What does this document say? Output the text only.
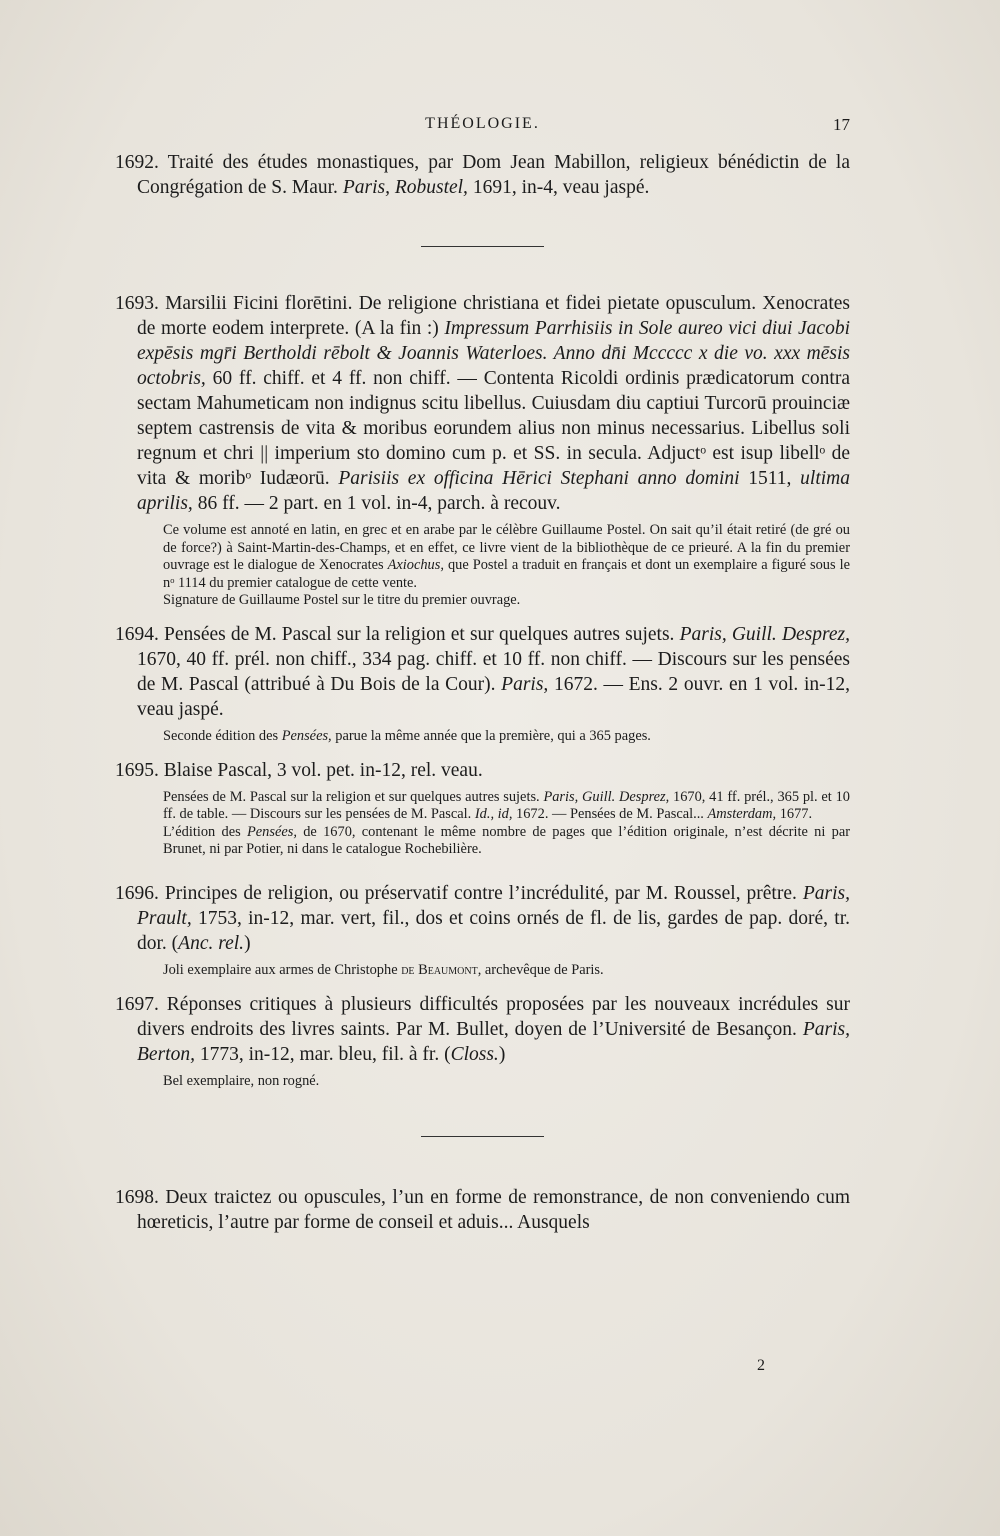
THÉOLOGIE.	17

1692. Traité des études monastiques, par Dom Jean Mabillon, religieux bénédictin de la Congrégation de S. Maur. Paris, Robustel, 1691, in-4, veau jaspé.

1693. Marsilii Ficini florētini. De religione christiana et fidei pietate opusculum. Xenocrates de morte eodem interprete. (A la fin :) Impressum Parrhisiis in Sole aureo vici diui Jacobi expēsis mgr̄i Bertholdi rēbolt & Joannis Waterloes. Anno dn̄i Mccccc x die vo. xxx mēsis octobris, 60 ff. chiff. et 4 ff. non chiff. — Contenta Ricoldi ordinis prædicatorum contra sectam Mahumeticam non indignus scitu libellus. Cuiusdam diu captiui Turcorū prouinciæ septem castrensis de vita & moribus eorundem alius non minus necessarius. Libellus soli regnum et chri || imperium sto domino cum p. et SS. in secula. Adjuctᵒ est isup libellᵒ de vita & moribᵒ Iudæorū. Parisiis ex officina Hērici Stephani anno domini 1511, ultima aprilis, 86 ff. — 2 part. en 1 vol. in-4, parch. à recouv.

Ce volume est annoté en latin, en grec et en arabe par le célèbre Guillaume Postel. On sait qu’il était retiré (de gré ou de force?) à Saint-Martin-des-Champs, et en effet, ce livre vient de la bibliothèque de ce prieuré. A la fin du premier ouvrage est le dialogue de Xenocrates Axiochus, que Postel a traduit en français et dont un exemplaire a figuré sous le nᵒ 1114 du premier catalogue de cette vente.

Signature de Guillaume Postel sur le titre du premier ouvrage.

1694. Pensées de M. Pascal sur la religion et sur quelques autres sujets. Paris, Guill. Desprez, 1670, 40 ff. prél. non chiff., 334 pag. chiff. et 10 ff. non chiff. — Discours sur les pensées de M. Pascal (attribué à Du Bois de la Cour). Paris, 1672. — Ens. 2 ouvr. en 1 vol. in-12, veau jaspé.

Seconde édition des Pensées, parue la même année que la première, qui a 365 pages.

1695. Blaise Pascal, 3 vol. pet. in-12, rel. veau.

Pensées de M. Pascal sur la religion et sur quelques autres sujets. Paris, Guill. Desprez, 1670, 41 ff. prél., 365 pl. et 10 ff. de table. — Discours sur les pensées de M. Pascal. Id., id, 1672. — Pensées de M. Pascal... Amsterdam, 1677.

L’édition des Pensées, de 1670, contenant le même nombre de pages que l’édition originale, n’est décrite ni par Brunet, ni par Potier, ni dans le catalogue Rochebilière.

1696. Principes de religion, ou préservatif contre l’incrédulité, par M. Roussel, prêtre. Paris, Prault, 1753, in-12, mar. vert, fil., dos et coins ornés de fl. de lis, gardes de pap. doré, tr. dor. (Anc. rel.)

Joli exemplaire aux armes de Christophe de Beaumont, archevêque de Paris.

1697. Réponses critiques à plusieurs difficultés proposées par les nouveaux incrédules sur divers endroits des livres saints. Par M. Bullet, doyen de l’Université de Besançon. Paris, Berton, 1773, in-12, mar. bleu, fil. à fr. (Closs.)

Bel exemplaire, non rogné.

1698. Deux traictez ou opuscules, l’un en forme de remonstrance, de non conveniendo cum hœreticis, l’autre par forme de conseil et aduis... Ausquels

2
